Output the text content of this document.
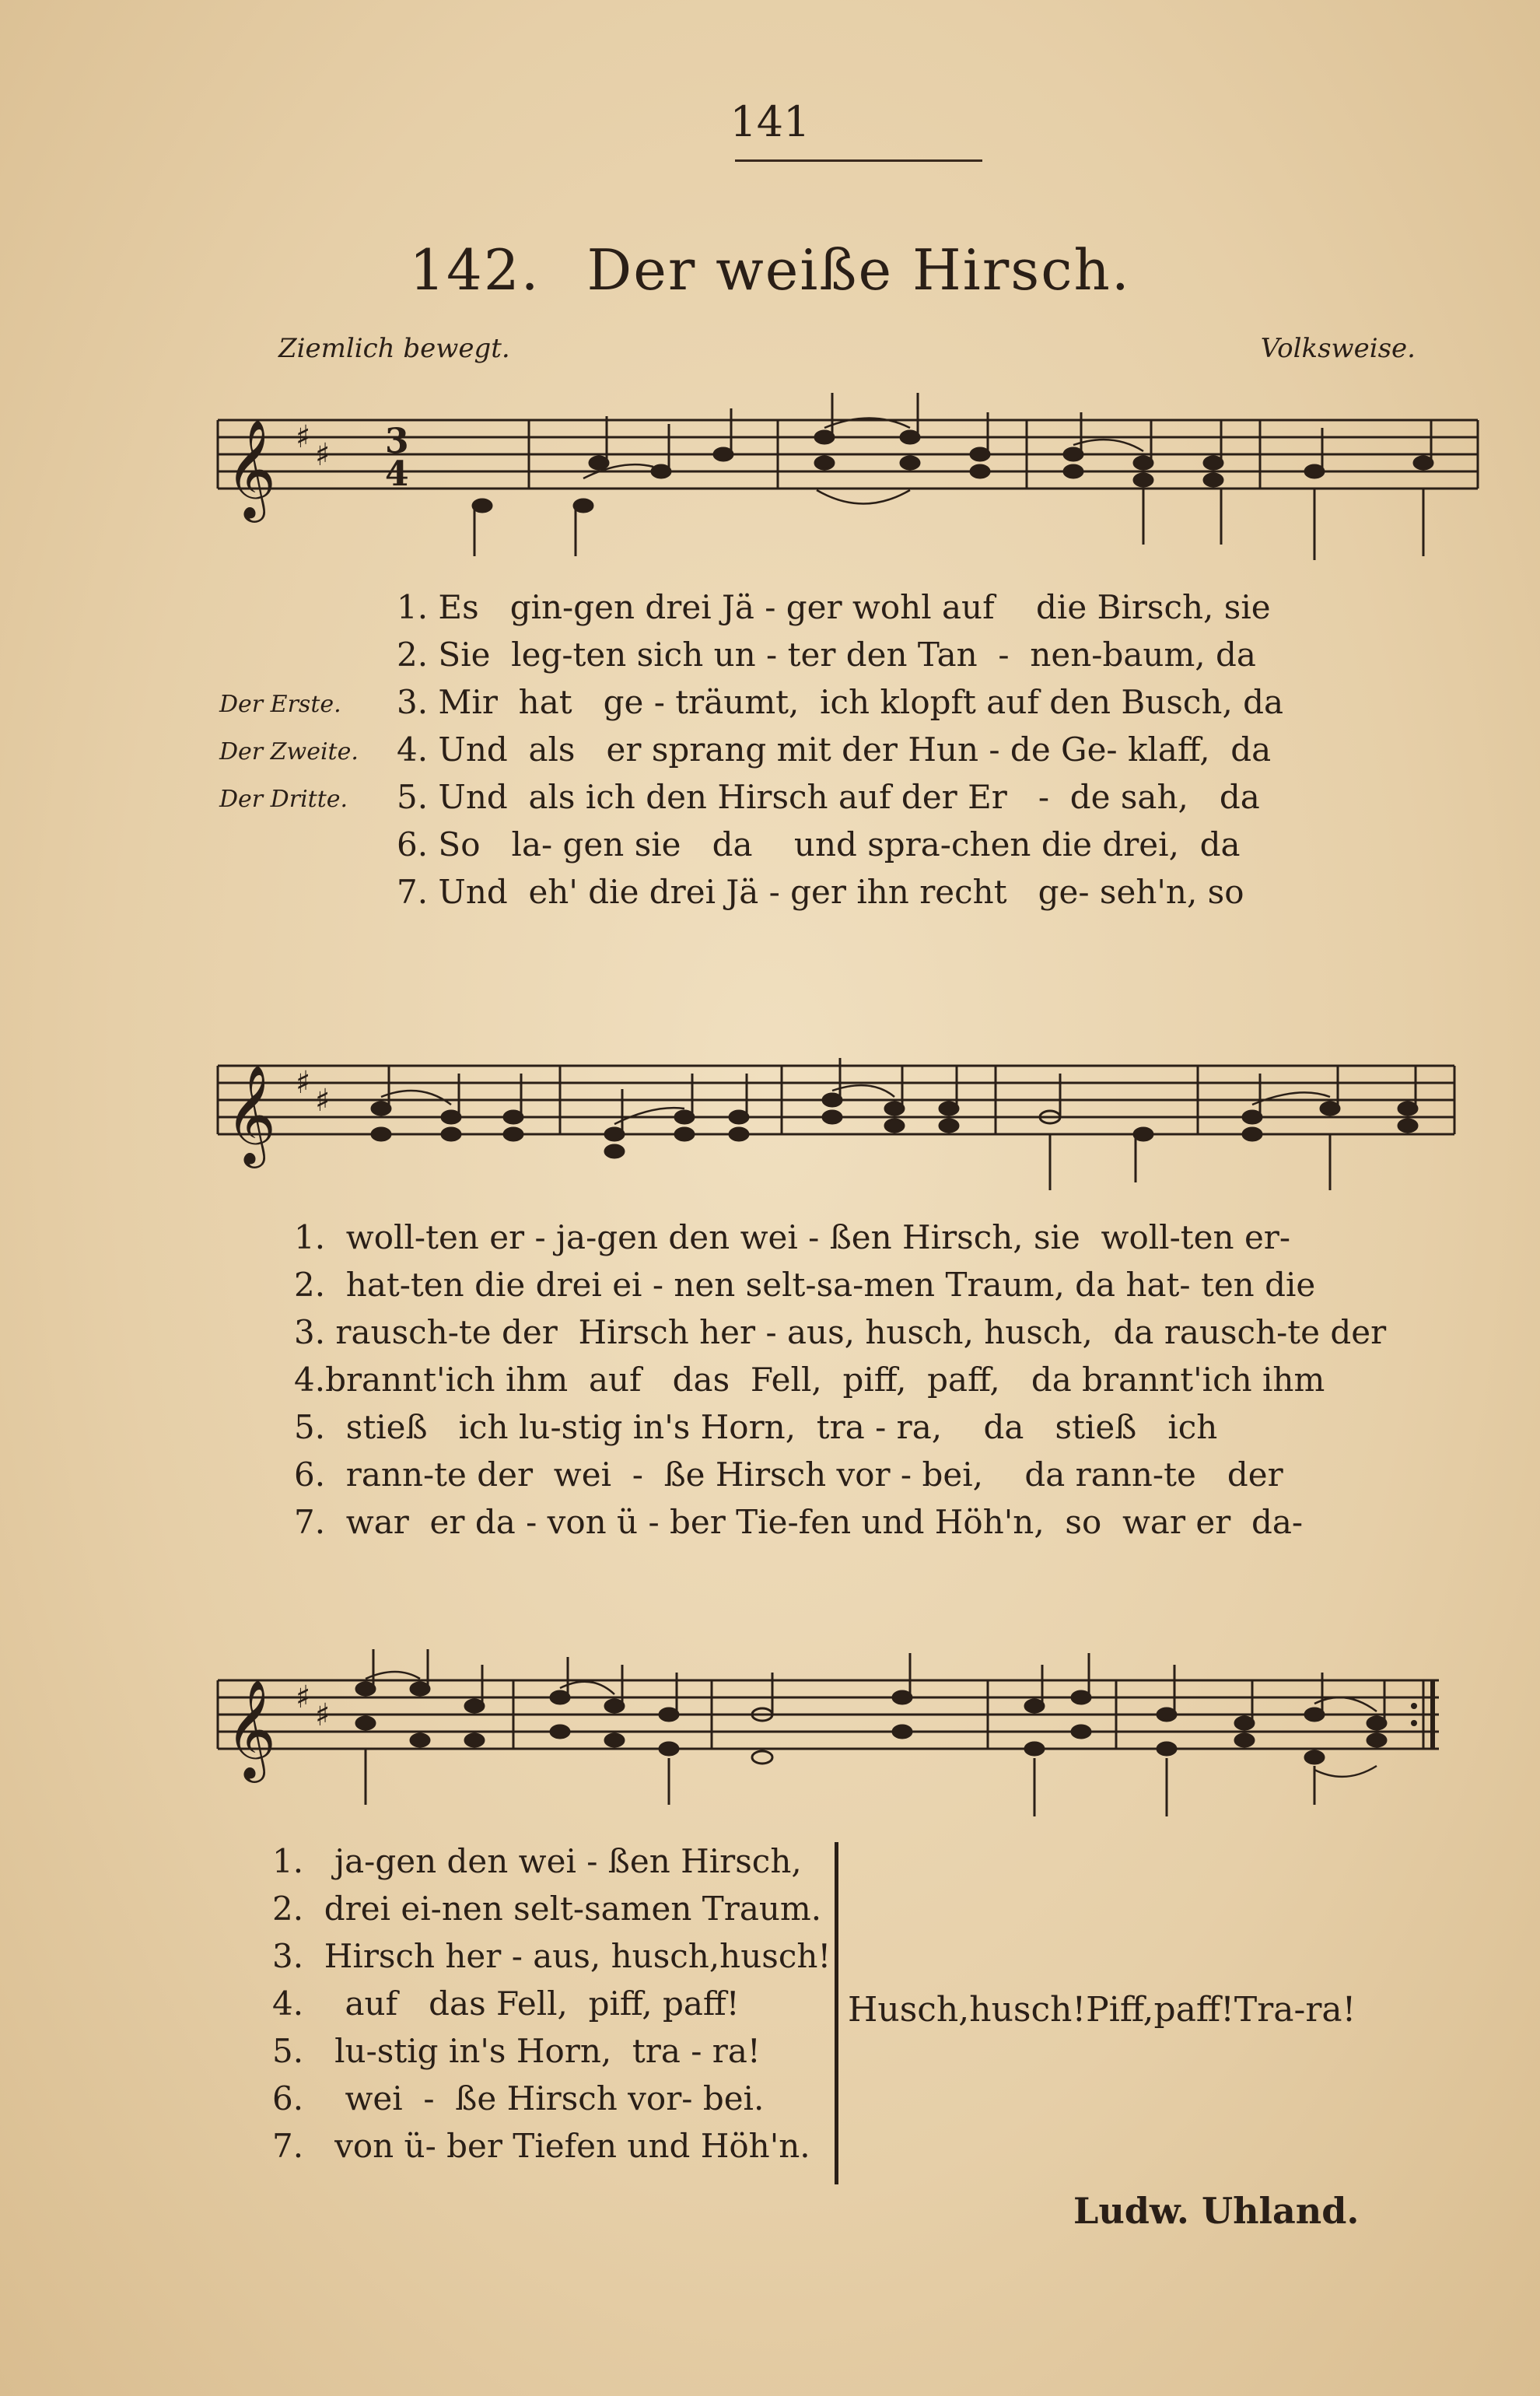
141
142. Der weiße Hirsch.
Ziemlich bewegt.	Volksweise.
𝄞 ♯ ♯ 3
4
1. Es   gin-gen drei Jä - ger wohl auf    die Birsch, sie
2. Sie  leg-ten sich un - ter den Tan  -  nen-baum, da
3. Mir  hat   ge - träumt,  ich klopft auf den Busch, da
4. Und  als   er sprang mit der Hun - de Ge- klaff,  da
5. Und  als ich den Hirsch auf der Er   -  de sah,   da
6. So   la- gen sie   da    und spra-chen die drei,  da
7. Und  eh' die drei Jä - ger ihn recht   ge- seh'n, so
Der Erste.
Der Zweite.
Der Dritte.
𝄞 ♯ ♯
1.  woll-ten er - ja-gen den wei - ßen Hirsch, sie  woll-ten er-
2.  hat-ten die drei ei - nen selt-sa-men Traum, da hat- ten die
3. rausch-te der  Hirsch her - aus, husch, husch,  da rausch-te der
4.brannt'ich ihm  auf   das  Fell,  piff,  paff,   da brannt'ich ihm
5.  stieß   ich lu-stig in's Horn,  tra - ra,    da   stieß   ich
6.  rann-te der  wei  -  ße Hirsch vor - bei,    da rann-te   der
7.  war  er da - von ü - ber Tie-fen und Höh'n,  so  war er  da-
𝄞 ♯ ♯
1.   ja-gen den wei - ßen Hirsch,
2.  drei ei-nen selt-samen Traum.
3.  Hirsch her - aus, husch,husch!
4.    auf   das Fell,  piff, paff!
5.   lu-stig in's Horn,  tra - ra!
6.    wei  -  ße Hirsch vor- bei.
7.   von ü- ber Tiefen und Höh'n.
Husch,husch!Piff,paff!Tra-ra!
Ludw. Uhland.
